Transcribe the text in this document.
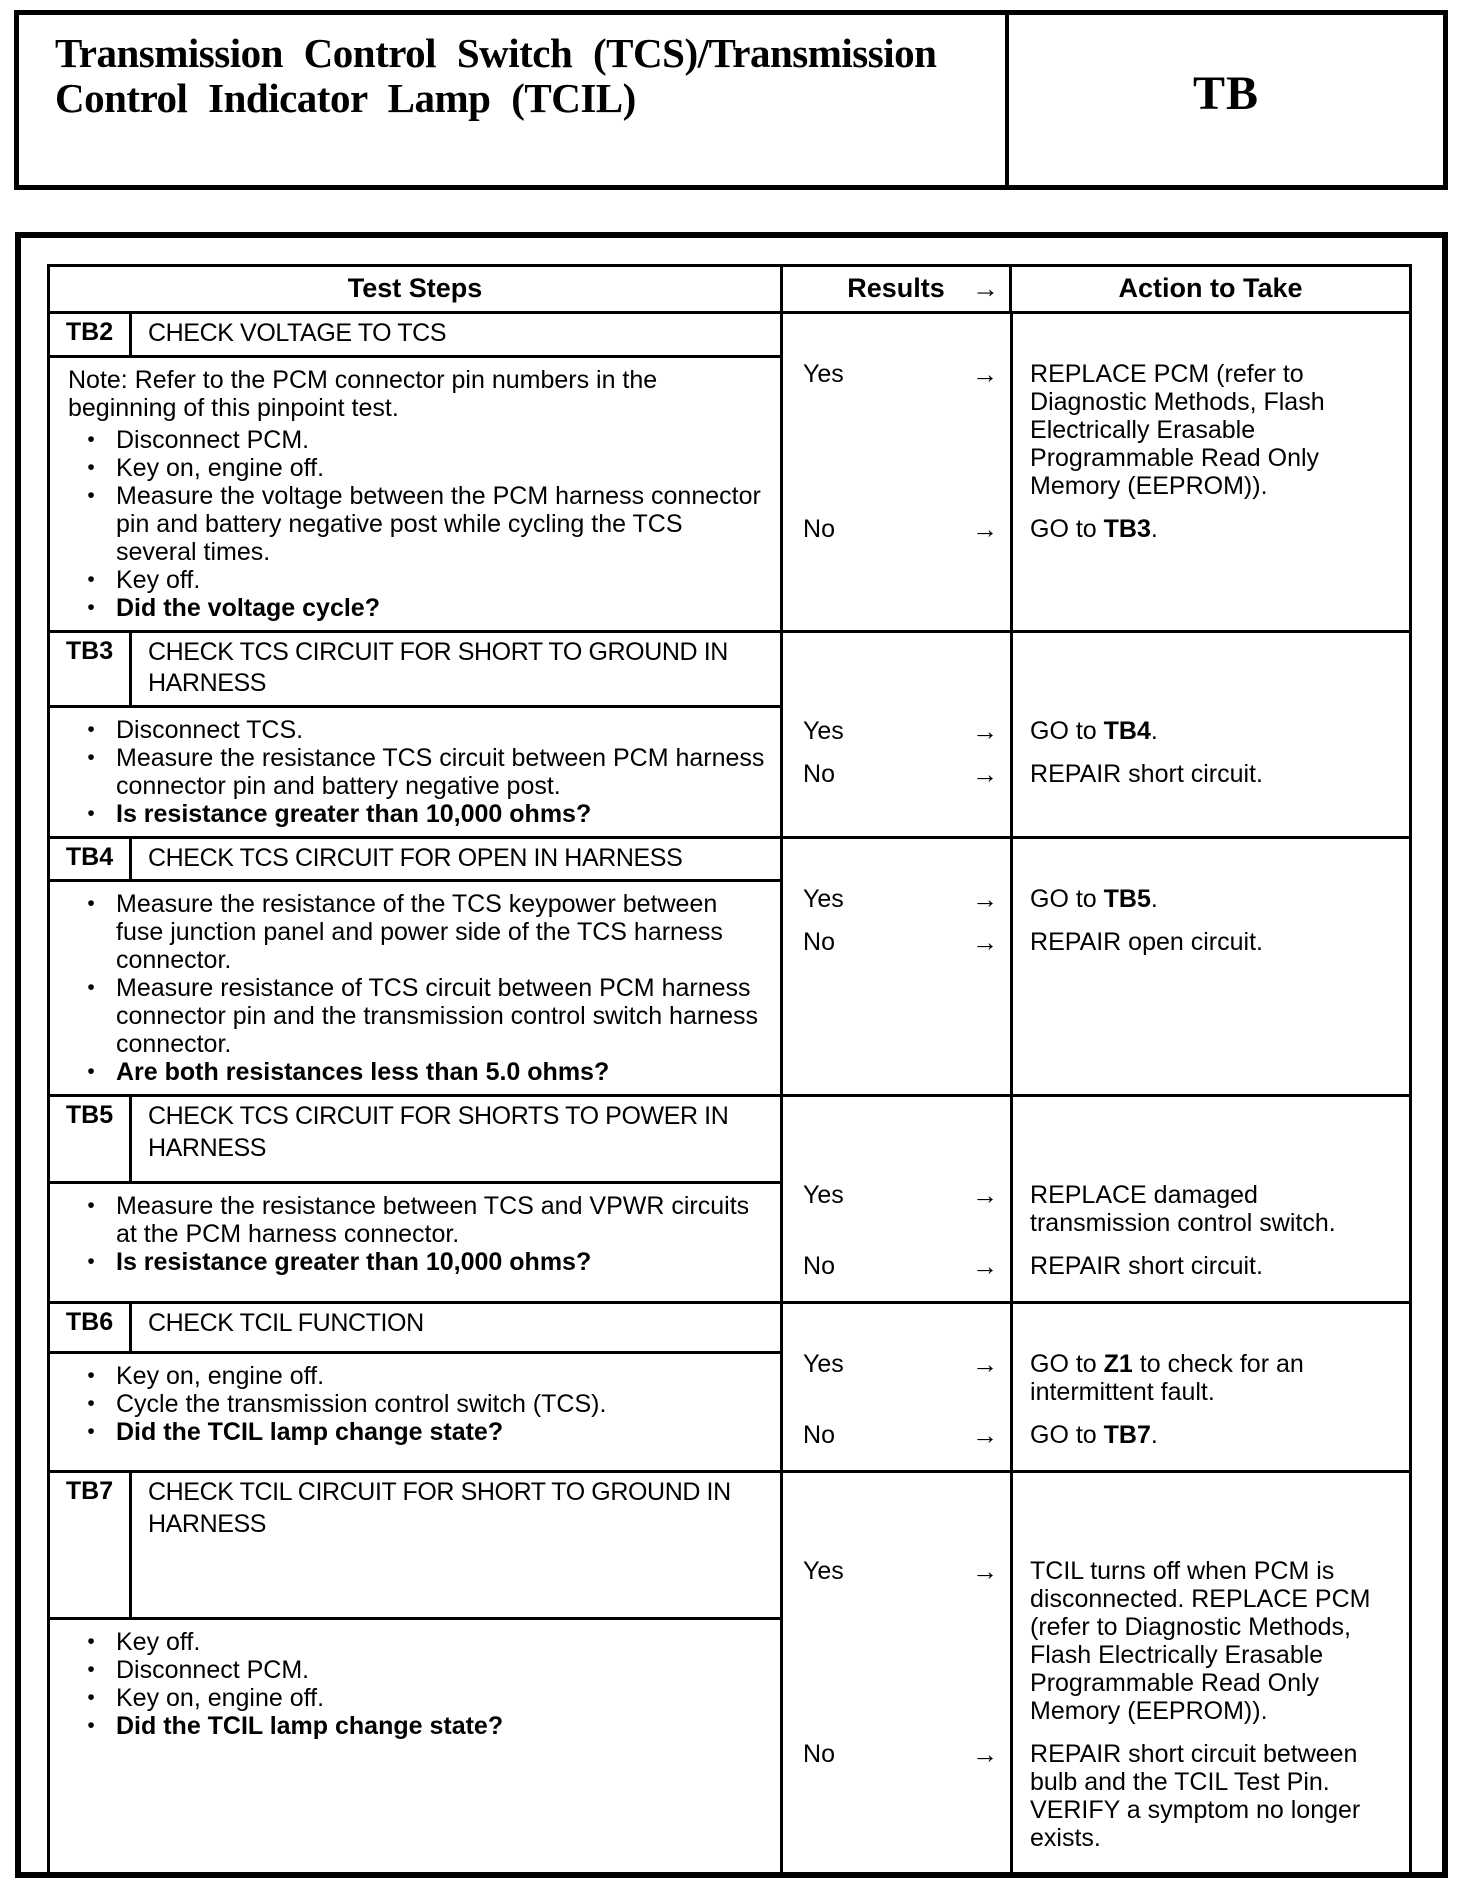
Transmission Control Switch (TCS)/Transmission Control Indicator Lamp (TCIL)	TB
Test Steps		Results →	Action to Take
TB2	CHECK VOLTAGE TO TCS	
Yes	→	REPLACE PCM (refer to Diagnostic Methods, Flash Electrically Erasable Programmable Read Only Memory (EEPROM)).
No	→	GO to TB3.

Note: Refer to the PCM connector pin numbers in the beginning of this pinpoint test.
• Disconnect PCM.
• Key on, engine off.
• Measure the voltage between the PCM harness connector pin and battery negative post while cycling the TCS several times.
• Key off.
• Did the voltage cycle?

TB3	CHECK TCS CIRCUIT FOR SHORT TO GROUND IN HARNESS	
Yes	→	GO to TB4.
No	→	REPAIR short circuit.

• Disconnect TCS.
• Measure the resistance TCS circuit between PCM harness connector pin and battery negative post.
• Is resistance greater than 10,000 ohms?

TB4	CHECK TCS CIRCUIT FOR OPEN IN HARNESS	
Yes	→	GO to TB5.
No	→	REPAIR open circuit.

• Measure the resistance of the TCS keypower between fuse junction panel and power side of the TCS harness connector.
• Measure resistance of TCS circuit between PCM harness connector pin and the transmission control switch harness connector.
• Are both resistances less than 5.0 ohms?

TB5	CHECK TCS CIRCUIT FOR SHORTS TO POWER IN HARNESS	
Yes	→	REPLACE damaged transmission control switch.
No	→	REPAIR short circuit.

• Measure the resistance between TCS and VPWR circuits at the PCM harness connector.
• Is resistance greater than 10,000 ohms?			

TB6	CHECK TCIL FUNCTION	
Yes	→	GO to Z1 to check for an intermittent fault.
No	→	GO to TB7.

• Key on, engine off.
• Cycle the transmission control switch (TCS).
• Did the TCIL lamp change state?

TB7	CHECK TCIL CIRCUIT FOR SHORT TO GROUND IN HARNESS	
Yes	→	TCIL turns off when PCM is disconnected. REPLACE PCM (refer to Diagnostic Methods, Flash Electrically Erasable Programmable Read Only Memory (EEPROM)).
No	→	REPAIR short circuit between bulb and the TCIL Test Pin. VERIFY a symptom no longer exists.

• Key off.
• Disconnect PCM.
• Key on, engine off.
• Did the TCIL lamp change state?
